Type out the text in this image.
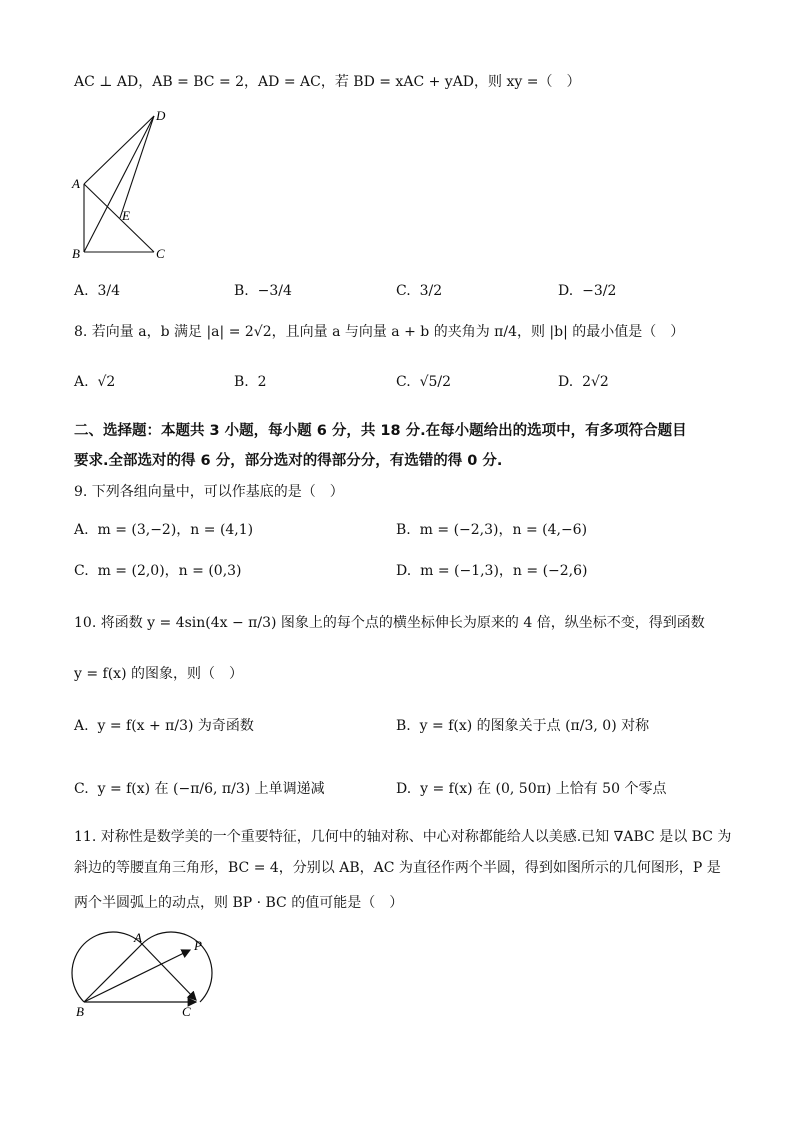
AC ⊥ AD，AB = BC = 2，AD = AC，若 BD = xAC + yAD，则 xy =（　）
D
A
E
B	C
A. 3/4	B. −3/4	C. 3/2	D. −3/2
8. 若向量 a，b 满足 |a| = 2√2，且向量 a 与向量 a + b 的夹角为 π/4，则 |b| 的最小值是（　）
A. √2	B. 2	C. √5/2	D. 2√2
二、选择题：本题共 3 小题，每小题 6 分，共 18 分.在每小题给出的选项中，有多项符合题目
要求.全部选对的得 6 分，部分选对的得部分分，有选错的得 0 分.
9. 下列各组向量中，可以作基底的是（　）
A. m = (3,−2)，n = (4,1)	B. m = (−2,3)，n = (4,−6)
C. m = (2,0)，n = (0,3)	D. m = (−1,3)，n = (−2,6)
10. 将函数 y = 4sin(4x − π/3) 图象上的每个点的横坐标伸长为原来的 4 倍，纵坐标不变，得到函数
y = f(x) 的图象，则（　）
A. y = f(x + π/3) 为奇函数	B. y = f(x) 的图象关于点 (π/3, 0) 对称
C. y = f(x) 在 (−π/6, π/3) 上单调递减	D. y = f(x) 在 (0, 50π) 上恰有 50 个零点
11. 对称性是数学美的一个重要特征，几何中的轴对称、中心对称都能给人以美感.已知 ∇ABC 是以 BC 为
斜边的等腰直角三角形，BC = 4，分别以 AB，AC 为直径作两个半圆，得到如图所示的几何图形，P 是
两个半圆弧上的动点，则 BP · BC 的值可能是（　）
A
P
B	C
